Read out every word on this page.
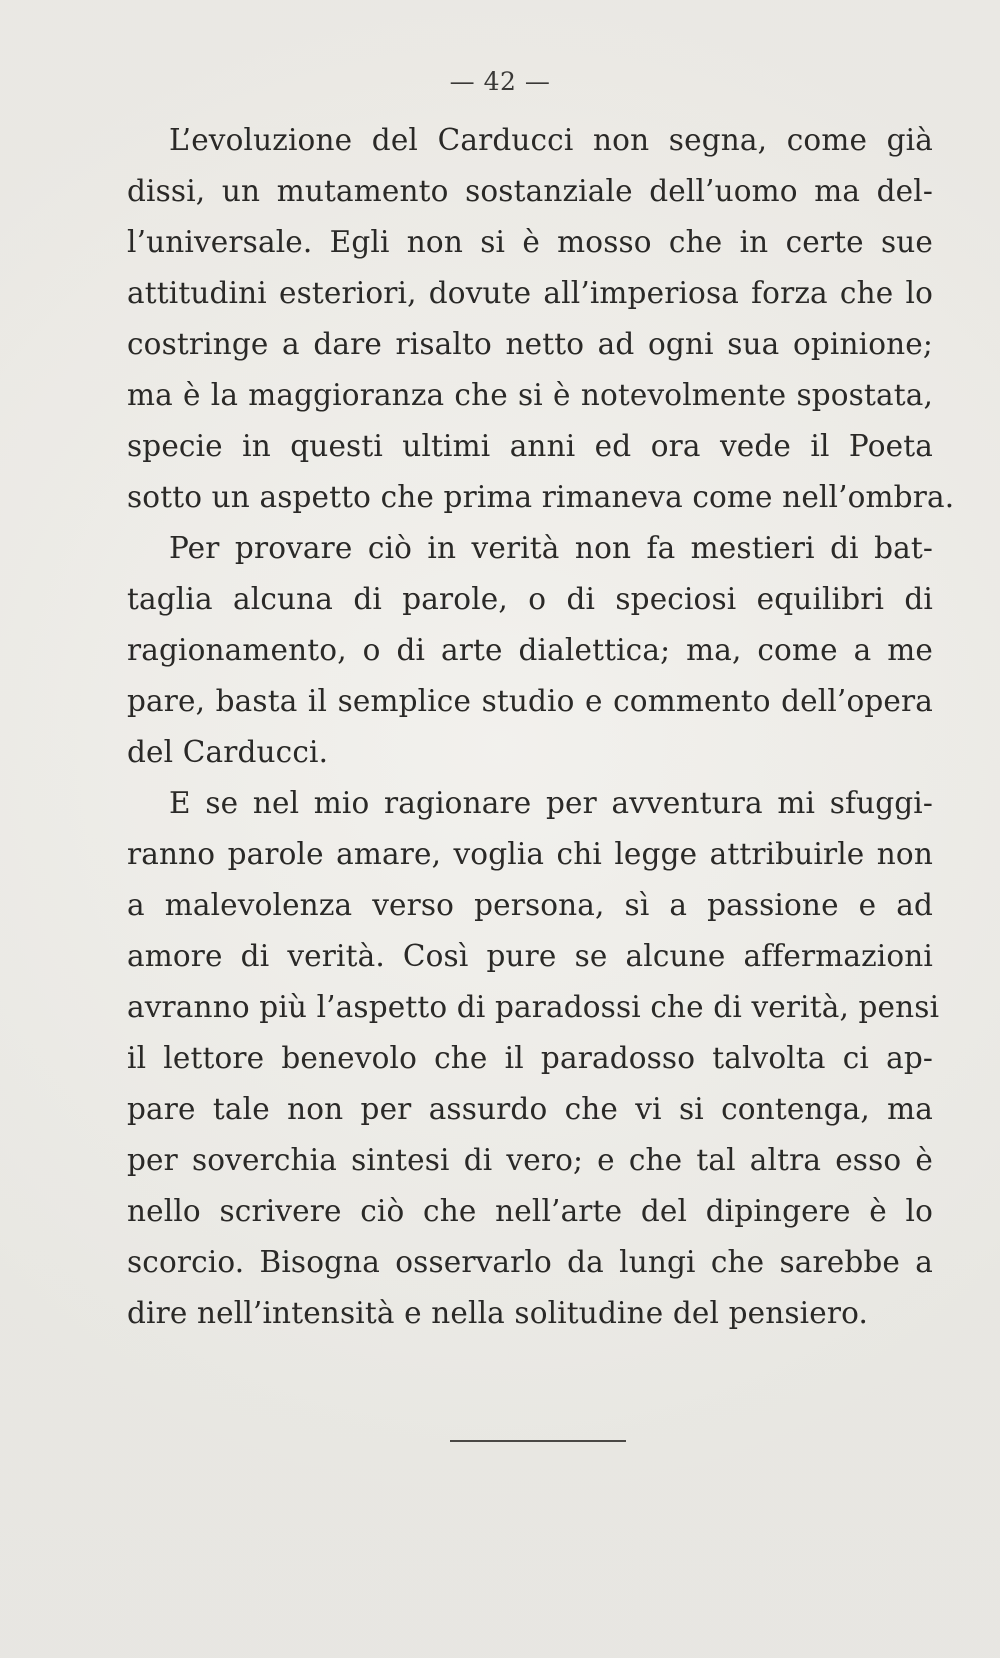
— 42 —

L’evoluzione del Carducci non segna, come già
dissi, un mutamento sostanziale dell’uomo ma del-
l’universale. Egli non si è mosso che in certe sue
attitudini esteriori, dovute all’imperiosa forza che lo
costringe a dare risalto netto ad ogni sua opinione;
ma è la maggioranza che si è notevolmente spostata,
specie in questi ultimi anni ed ora vede il Poeta
sotto un aspetto che prima rimaneva come nell’ombra.

Per provare ciò in verità non fa mestieri di bat-
taglia alcuna di parole, o di speciosi equilibri di
ragionamento, o di arte dialettica; ma, come a me
pare, basta il semplice studio e commento dell’opera
del Carducci.

E se nel mio ragionare per avventura mi sfuggi-
ranno parole amare, voglia chi legge attribuirle non
a malevolenza verso persona, sì a passione e ad
amore di verità. Così pure se alcune affermazioni
avranno più l’aspetto di paradossi che di verità, pensi
il lettore benevolo che il paradosso talvolta ci ap-
pare tale non per assurdo che vi si contenga, ma
per soverchia sintesi di vero; e che tal altra esso è
nello scrivere ciò che nell’arte del dipingere è lo
scorcio. Bisogna osservarlo da lungi che sarebbe a
dire nell’intensità e nella solitudine del pensiero.
